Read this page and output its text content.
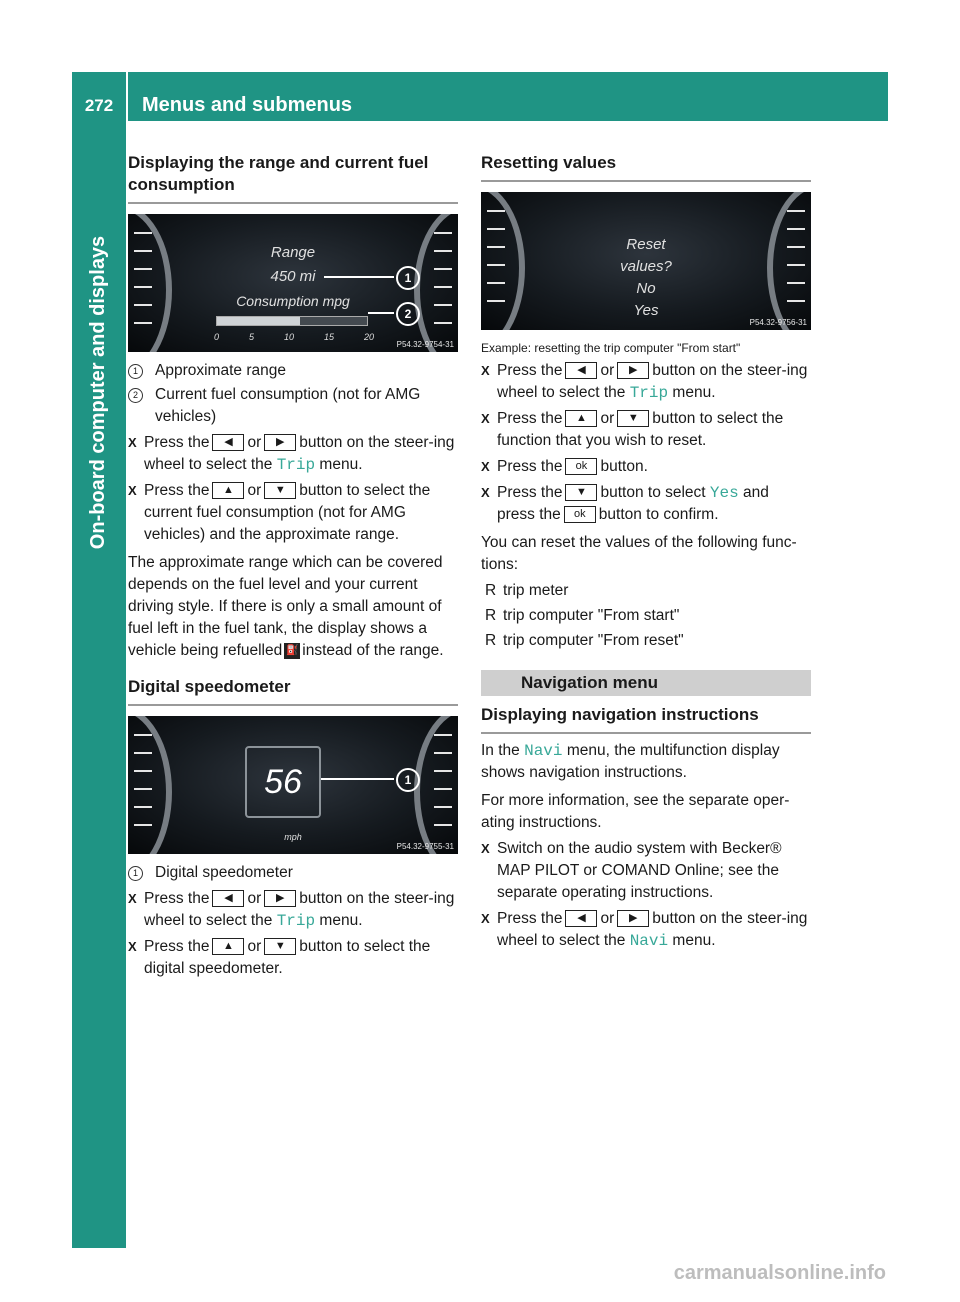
272	Menus and submenus
On-board computer and displays
Displaying the range and current fuel consumption
Range
450 mi
Consumption mpg
0	5	10	15	20
1
2
P54.32-9754-31
1	Approximate range
2	Current fuel consumption (not for AMG vehicles)
X Press the ◀ or ▶ button on the steer-ing wheel to select the Trip menu.
X Press the ▲ or ▼ button to select the current fuel consumption (not for AMG vehicles) and the approximate range.

The approximate range which can be covered depends on the fuel level and your current driving style. If there is only a small amount of fuel left in the fuel tank, the display shows a vehicle being refuelled ⛽ instead of the range.

Digital speedometer
56
mph
1
P54.32-9755-31
1	Digital speedometer
X Press the ◀ or ▶ button on the steer-ing wheel to select the Trip menu.
X Press the ▲ or ▼ button to select the digital speedometer.
Resetting values
Reset
values?
No
Yes
P54.32-9756-31
Example: resetting the trip computer "From start"
X Press the ◀ or ▶ button on the steer-ing wheel to select the Trip menu.
X Press the ▲ or ▼ button to select the function that you wish to reset.
X Press the ok button.
X Press the ▼ button to select Yes and press the ok button to confirm.

You can reset the values of the following func-tions:

R trip meter
R trip computer "From start"
R trip computer "From reset"
Navigation menu
Displaying navigation instructions

In the Navi menu, the multifunction display shows navigation instructions.

For more information, see the separate oper-ating instructions.

X Switch on the audio system with Becker® MAP PILOT or COMAND Online; see the separate operating instructions.
X Press the ◀ or ▶ button on the steer-ing wheel to select the Navi menu.
carmanualsonline.info
